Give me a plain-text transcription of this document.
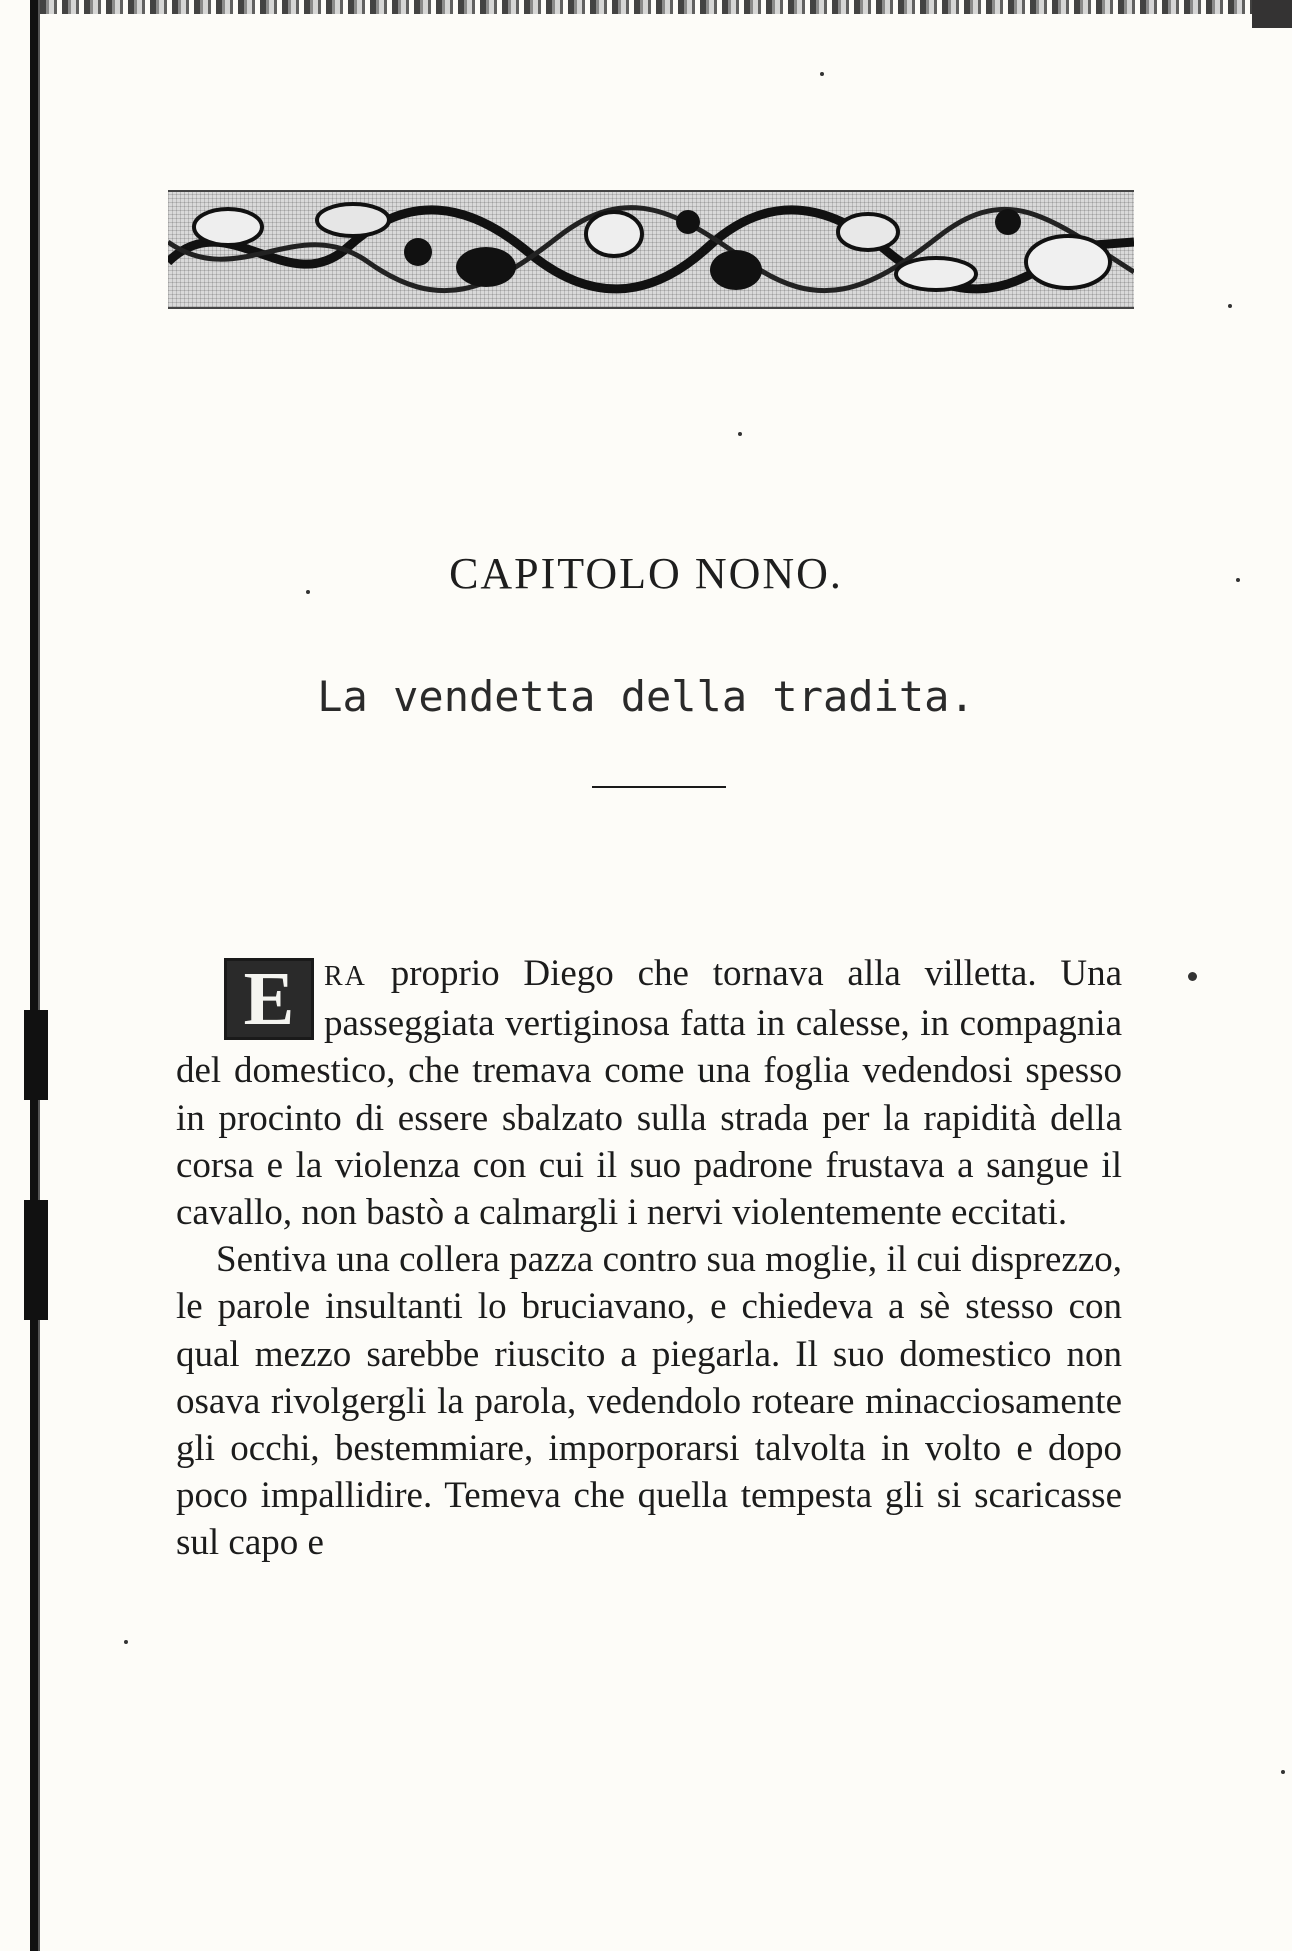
CAPITOLO NONO.
La vendetta della tradita.

E	RA proprio Diego che tornava alla villetta. Una passeggiata vertiginosa fatta in calesse, in compagnia del domestico, che tremava come una foglia vedendosi spesso in procinto di essere sbalzato sulla strada per la rapidità della corsa e la violenza con cui il suo padrone frustava a sangue il cavallo, non bastò a calmargli i nervi violentemente eccitati.

Sentiva una collera pazza contro sua moglie, il cui disprezzo, le parole insultanti lo bruciavano, e chiedeva a sè stesso con qual mezzo sarebbe riuscito a piegarla. Il suo domestico non osava rivolgergli la parola, vedendolo roteare minacciosamente gli occhi, bestemmiare, imporporarsi talvolta in volto e dopo poco impallidire. Temeva che quella tempesta gli si scaricasse sul capo e
